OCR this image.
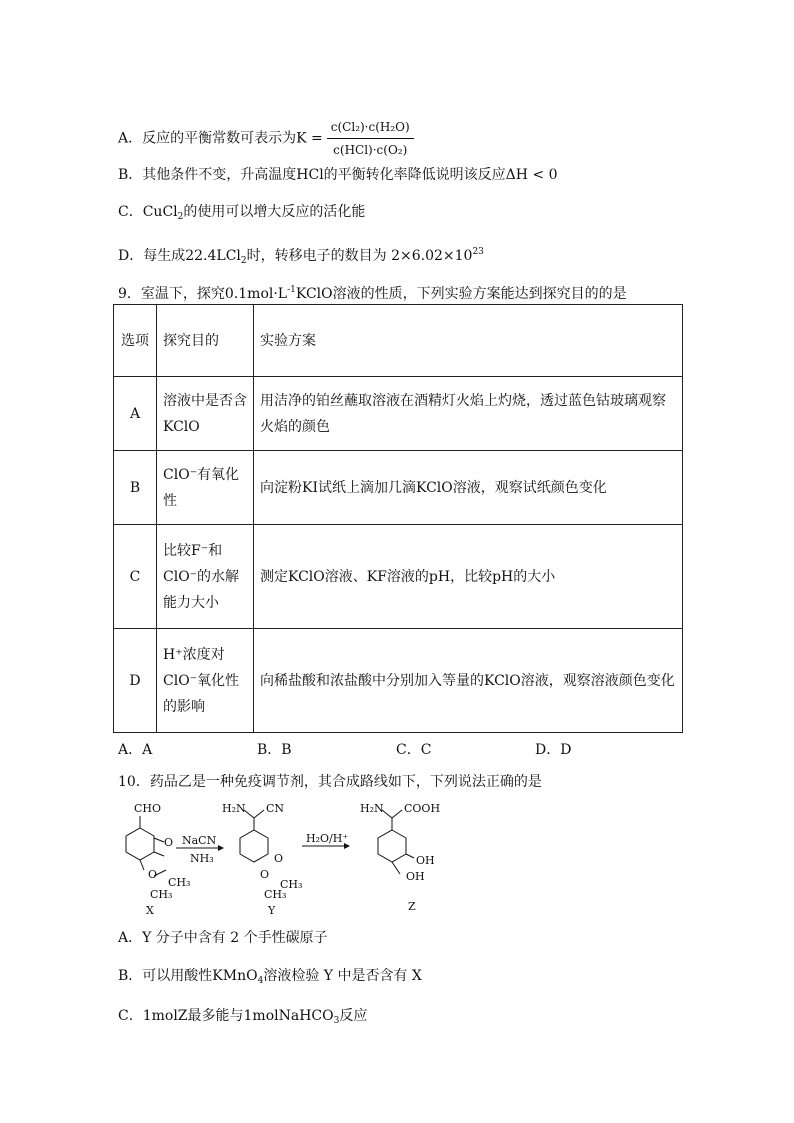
A．反应的平衡常数可表示为$K = \frac{\text{c(Cl₂)·c(H₂O)}}{\text{c(HCl)·c(O₂)}}$
B．其他条件不变，升高温度HCl的平衡转化率降低说明该反应ΔH < 0
C．CuCl$_2$的使用可以增大反应的活化能
D．每生成22.4LCl$_2$时，转移电子的数目为 $2\times 6.02\times 10^{23}$
9．室温下，探究$0.1mol\cdot L^{-1}KClO$溶液的性质，下列实验方案能达到探究目的的是
选项	探究目的	实验方案
A	溶液中是否含KClO	用洁净的铂丝蘸取溶液在酒精灯火焰上灼烧，透过蓝色钴玻璃观察火焰的颜色
B	ClO⁻有氧化性	向淀粉KI试纸上滴加几滴KClO溶液，观察试纸颜色变化
C	比较F⁻和ClO⁻的水解能力大小	测定KClO溶液、KF溶液的pH，比较pH的大小
D	H⁺浓度对ClO⁻氧化性的影响	向稀盐酸和浓盐酸中分别加入等量的KClO溶液，观察溶液颜色变化
A．A	B．B	C．C	D．D
10．药品乙是一种免疫调节剂，其合成路线如下，下列说法正确的是
CHO
O
O
CH₃
CH₃
X
NaCN
NH₃
H₂N CN
O
O
CH₃
CH₃
Y
H₂O/H⁺
H₂N COOH
OH
OH
Z
A．Y 分子中含有 2 个手性碳原子
B．可以用酸性KMnO$_4$溶液检验 Y 中是否含有 X
C．1molZ最多能与1molNaHCO$_3$反应
